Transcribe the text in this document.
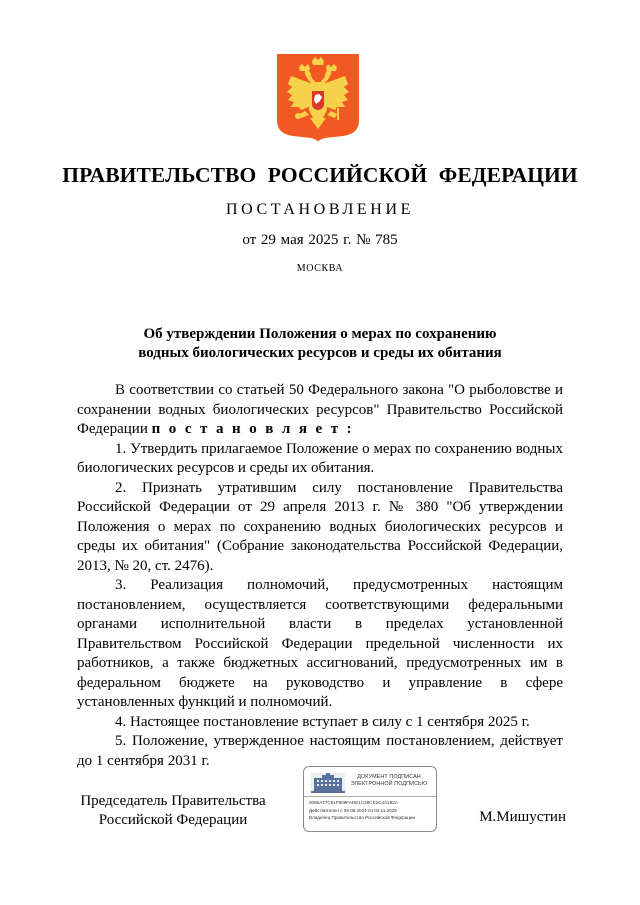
ПРАВИТЕЛЬСТВО РОССИЙСКОЙ ФЕДЕРАЦИИ
ПОСТАНОВЛЕНИЕ
от 29 мая 2025 г. № 785
МОСКВА
Об утверждении Положения о мерах по сохранению
водных биологических ресурсов и среды их обитания

В соответствии со статьей 50 Федерального закона "О рыболовстве и сохранении водных биологических ресурсов" Правительство Российской Федерации п о с т а н о в л я е т :

1. Утвердить прилагаемое Положение о мерах по сохранению водных биологических ресурсов и среды их обитания.

2. Признать утратившим силу постановление Правительства Российской Федерации от 29 апреля 2013 г. № 380 "Об утверждении Положения о мерах по сохранению водных биологических ресурсов и среды их обитания" (Собрание законодательства Российской Федерации, 2013, № 20, ст. 2476).

3. Реализация полномочий, предусмотренных настоящим постановлением, осуществляется соответствующими федеральными органами исполнительной власти в пределах установленной Правительством Российской Федерации предельной численности их работников, а также бюджетных ассигнований, предусмотренных им в федеральном бюджете на руководство и управление в сфере установленных функций и полномочий.

4. Настоящее постановление вступает в силу с 1 сентября 2025 г.

5. Положение, утвержденное настоящим постановлением, действует до 1 сентября 2031 г.

Председатель Правительства
Российской Федерации
ДОКУМЕНТ ПОДПИСАН
ЭЛЕКТРОННОЙ ПОДПИСЬЮ
0085A77C61F609FADE1C38CE2C4A282A
Действителен с 09.08.2024 по 02.11.2025
Владелец Правительство Российской Федерации	М.Мишустин
